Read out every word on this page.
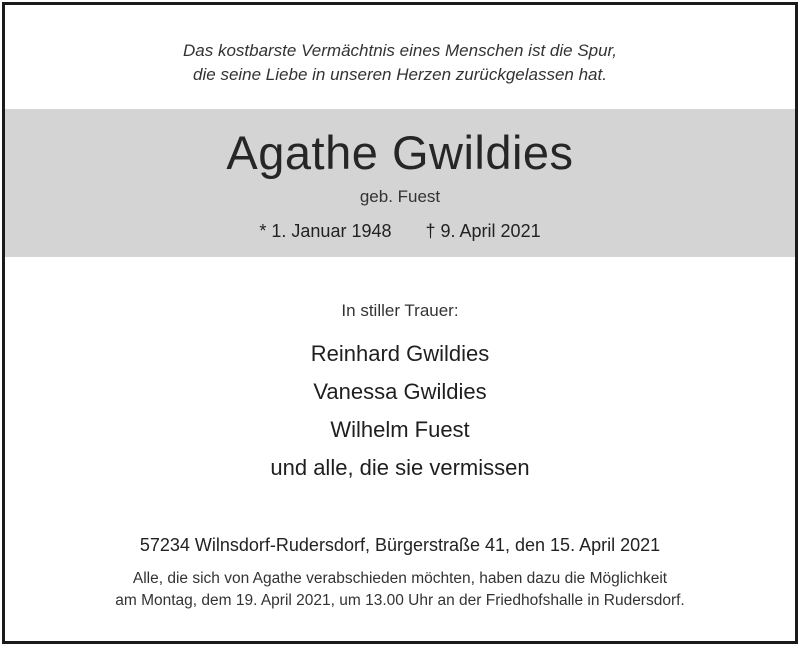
Das kostbarste Vermächtnis eines Menschen ist die Spur,
die seine Liebe in unseren Herzen zurückgelassen hat.
Agathe Gwildies
geb. Fuest
* 1. Januar 1948 † 9. April 2021
In stiller Trauer:
Reinhard Gwildies
Vanessa Gwildies
Wilhelm Fuest
und alle, die sie vermissen
57234 Wilnsdorf-Rudersdorf, Bürgerstraße 41, den 15. April 2021
Alle, die sich von Agathe verabschieden möchten, haben dazu die Möglichkeit
am Montag, dem 19. April 2021, um 13.00 Uhr an der Friedhofshalle in Rudersdorf.
